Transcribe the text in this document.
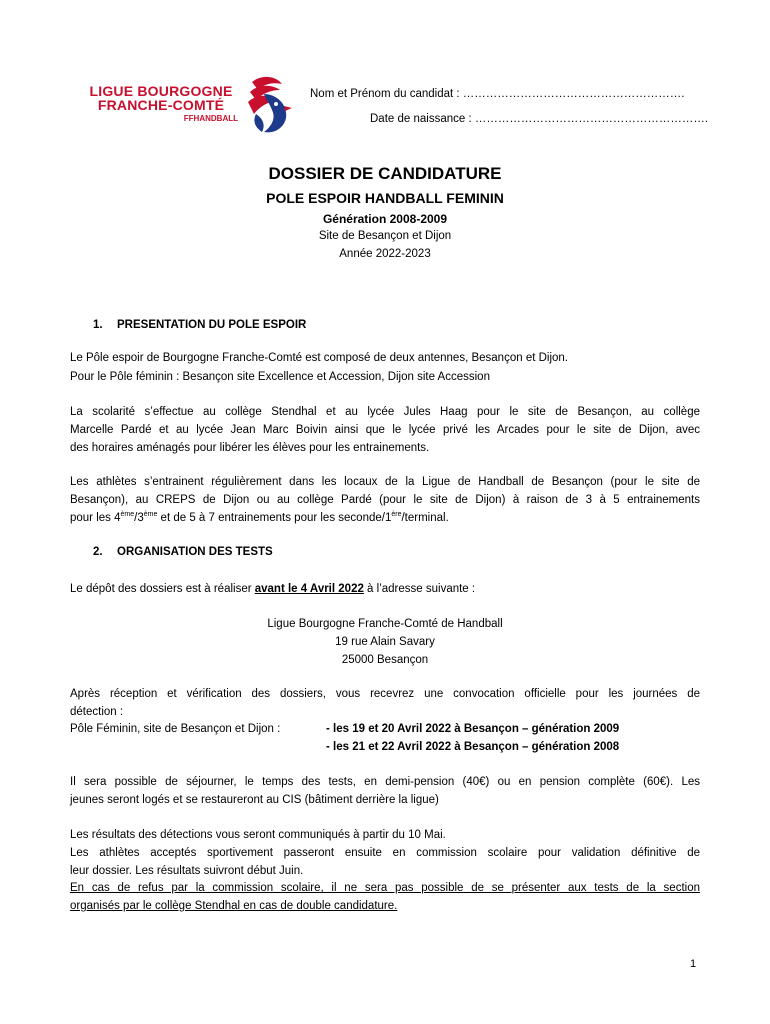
LIGUE BOURGOGNE
FRANCHE-COMTÉ
FFHANDBALL
Nom et Prénom du candidat : ………………………………………………….
Date de naissance : …………………………………………………….
DOSSIER DE CANDIDATURE
POLE ESPOIR HANDBALL FEMININ
Génération 2008-2009
Site de Besançon et Dijon
Année 2022-2023
1. PRESENTATION DU POLE ESPOIR
Le Pôle espoir de Bourgogne Franche-Comté est composé de deux antennes, Besançon et Dijon.
Pour le Pôle féminin : Besançon site Excellence et Accession, Dijon site Accession
La scolarité s’effectue au collège Stendhal et au lycée Jules Haag pour le site de Besançon, au collège
Marcelle Pardé et au lycée Jean Marc Boivin ainsi que le lycée privé les Arcades pour le site de Dijon, avec
des horaires aménagés pour libérer les élèves pour les entrainements.
Les athlètes s’entrainent régulièrement dans les locaux de la Ligue de Handball de Besançon (pour le site de
Besançon), au CREPS de Dijon ou au collège Pardé (pour le site de Dijon) à raison de 3 à 5 entrainements
pour les 4ème/3ème et de 5 à 7 entrainements pour les seconde/1ère/terminal.
2. ORGANISATION DES TESTS
Le dépôt des dossiers est à réaliser avant le 4 Avril 2022 à l’adresse suivante :
Ligue Bourgogne Franche-Comté de Handball
19 rue Alain Savary
25000 Besançon
Après réception et vérification des dossiers, vous recevrez une convocation officielle pour les journées de
détection :
Pôle Féminin, site de Besançon et Dijon :	- les 19 et 20 Avril 2022 à Besançon – génération 2009
- les 21 et 22 Avril 2022 à Besançon – génération 2008
Il sera possible de séjourner, le temps des tests, en demi-pension (40€) ou en pension complète (60€). Les
jeunes seront logés et se restaureront au CIS (bâtiment derrière la ligue)
Les résultats des détections vous seront communiqués à partir du 10 Mai.
Les athlètes acceptés sportivement passeront ensuite en commission scolaire pour validation définitive de
leur dossier. Les résultats suivront début Juin.
En cas de refus par la commission scolaire, il ne sera pas possible de se présenter aux tests de la section
organisés par le collège Stendhal en cas de double candidature.
1
